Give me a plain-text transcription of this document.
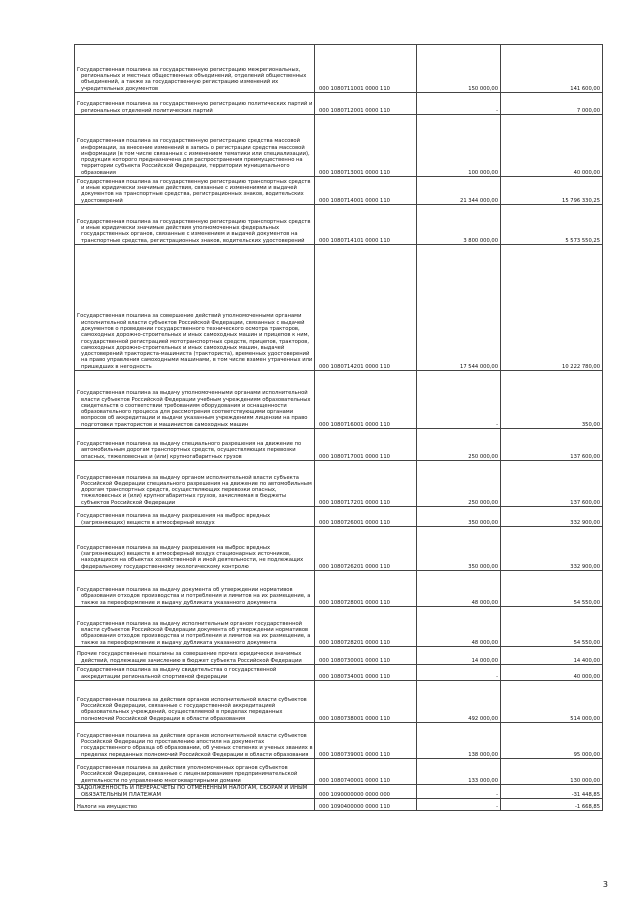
Государственная пошлина за государственную регистрацию межрегиональных, региональных и местных общественных объединений, отделений общественных объединений, а также за государственную регистрацию изменений их учредительных документов	000 1080711001 0000 110	150 000,00	141 600,00
Государственная пошлина за государственную регистрацию политических партий и региональных отделений политических партий	000 1080712001 0000 110	-	7 000,00
Государственная пошлина за государственную регистрацию средства массовой информации, за внесение изменений в запись о регистрации средства массовой информации (в том числе связанных с изменением тематики или специализации), продукция которого предназначена для распространения преимущественно на территории субъекта Российской Федерации, территории муниципального образования	000 1080713001 0000 110	100 000,00	40 000,00
Государственная пошлина за государственную регистрацию транспортных средств и иные юридически значимые действия, связанные с изменениями и выдачей документов на транспортные средства, регистрационных знаков, водительских удостоверений	000 1080714001 0000 110	21 344 000,00	15 796 330,25
Государственная пошлина за государственную регистрацию транспортных средств и иные юридически значимые действия уполномоченных федеральных государственных органов, связанные с изменением и выдачей документов на транспортные средства, регистрационных знаков, водительских удостоверений	000 1080714101 0000 110	3 800 000,00	5 573 550,25
Государственная пошлина за совершение действий уполномоченными органами исполнительной власти субъектов Российской Федерации, связанных с выдачей документов о проведении государственного технического осмотра тракторов, самоходных дорожно-строительных и иных самоходных машин и прицепов к ним, государственной регистрацией мототранспортных средств, прицепов, тракторов, самоходных дорожно-строительных и иных самоходных машин, выдачей удостоверений тракториста-машиниста (тракториста), временных удостоверений на право управления самоходными машинами, в том числе взамен утраченных или пришедших в негодность	000 1080714201 0000 110	17 544 000,00	10 222 780,00
Государственная пошлина за выдачу уполномоченными органами исполнительной власти субъектов Российской Федерации учебным учреждениям образовательных свидетельств о соответствии требованиям оборудования и оснащенности образовательного процесса для рассмотрения соответствующими органами вопросов об аккредитации и выдачи указанным учреждениям лицензии на право подготовки трактористов и машинистов самоходных машин	000 1080716001 0000 110	-	350,00
Государственная пошлина за выдачу специального разрешения на движение по автомобильным дорогам транспортных средств, осуществляющих перевозки опасных, тяжеловесных и (или) крупногабаритных грузов	000 1080717001 0000 110	250 000,00	137 600,00
Государственная пошлина за выдачу органом исполнительной власти субъекта Российской Федерации специального разрешения на движение по автомобильным дорогам транспортных средств, осуществляющих перевозки опасных, тяжеловесных и (или) крупногабаритных грузов, зачисляемая в бюджеты субъектов Российской Федерации	000 1080717201 0000 110	250 000,00	137 600,00
Государственная пошлина за выдачу разрешения на выброс вредных (загрязняющих) веществ в атмосферный воздух	000 1080726001 0000 110	350 000,00	332 900,00
Государственная пошлина за выдачу разрешения на выброс вредных (загрязняющих) веществ в атмосферный воздух стационарных источников, находящихся на объектах хозяйственной и иной деятельности, не подлежащих федеральному государственному экологическому контролю	000 1080726201 0000 110	350 000,00	332 900,00
Государственная пошлина за выдачу документа об утверждении нормативов образования отходов производства и потребления и лимитов на их размещение, а также за переоформление и выдачу дубликата указанного документа	000 1080728001 0000 110	48 000,00	54 550,00
Государственная пошлина за выдачу исполнительным органом государственной власти субъектов Российской Федерации документа об утверждении нормативов образования отходов производства и потребления и лимитов на их размещение, а также за переоформление и выдачу дубликата указанного документа	000 1080728201 0000 110	48 000,00	54 550,00
Прочие государственные пошлины за совершение прочих юридически значимых действий, подлежащие зачислению в бюджет субъекта Российской Федерации	000 1080730001 0000 110	14 000,00	14 400,00
Государственная пошлина за выдачу свидетельства о государственной аккредитации региональной спортивной федерации	000 1080734001 0000 110	-	40 000,00
Государственная пошлина за действия органов исполнительной власти субъектов Российской Федерации, связанные с государственной аккредитацией образовательных учреждений, осуществляемой в пределах переданных полномочий Российской Федерации в области образования	000 1080738001 0000 110	492 000,00	514 000,00
Государственная пошлина за действия органов исполнительной власти субъектов Российской Федерации по проставлению апостиля на документах государственного образца об образовании, об ученых степенях и ученых званиях в пределах переданных полномочий Российской Федерации в области образования	000 1080739001 0000 110	138 000,00	95 000,00
Государственная пошлина за действия уполномоченных органов субъектов Российской Федерации, связанные с лицензированием предпринимательской деятельности по управлению многоквартирными домами	000 1080740001 0000 110	133 000,00	130 000,00
ЗАДОЛЖЕННОСТЬ И ПЕРЕРАСЧЕТЫ ПО ОТМЕНЕННЫМ НАЛОГАМ, СБОРАМ И ИНЫМ ОБЯЗАТЕЛЬНЫМ ПЛАТЕЖАМ	000 1090000000 0000 000	-	-31 448,85
Налоги на имущество	000 1090400000 0000 110	-	-1 668,85
3
